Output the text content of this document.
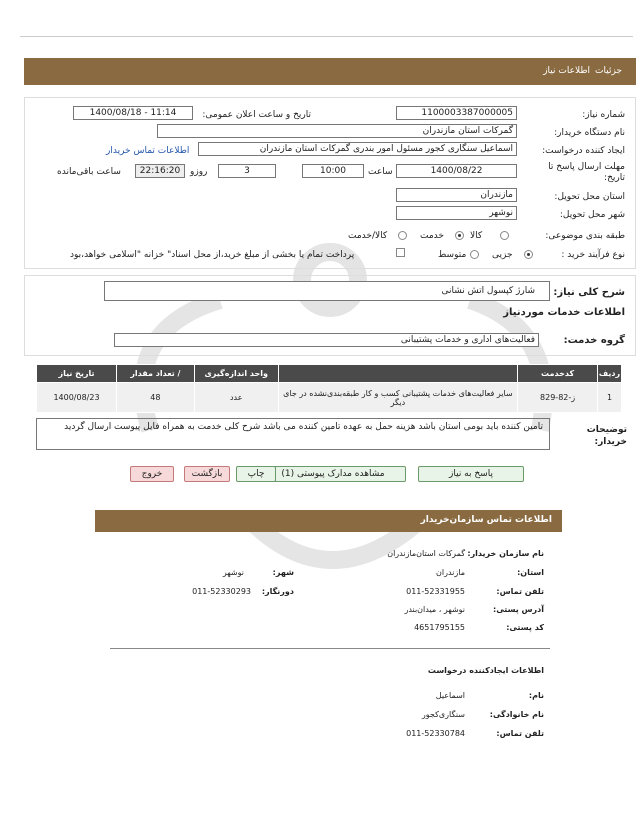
جزئیات
اطلاعات نیاز
شماره نیاز:
1100003387000005
تاریخ و ساعت اعلان عمومی:
1400/08/18 - 11:14
نام دستگاه خریدار:
گمرکات استان مازندران
ایجاد کننده درخواست:
اسماعیل سنگاری کجور مسئول امور بندری گمرکات استان مازندران
اطلاعات تماس خریدار
مهلت ارسال پاسخ تا تاریخ:
1400/08/22
ساعت
10:00
3
روزو
22:16:20
ساعت باقی‌مانده
استان محل تحویل:
مازندران
شهر محل تحویل:
نوشهر
طبقه بندی موضوعی:
کالا
خدمت
کالا/خدمت
نوع فرآیند خرید :
جزیی
متوسط
پرداخت تمام یا بخشی از مبلغ خرید،از محل اسناد" خزانه "اسلامی خواهد،بود
شرح کلی نیاز:
شارژ کپسول اتش نشانی
اطلاعات خدمات موردنیاز
گروه خدمت:
فعالیت‌های اداری و خدمات پشتیبانی
ردیف	کدخدمت		واحد اندازه‌گیری	/ تعداد مقدار	تاریخ نیاز
1	ز-82-829	سایر فعالیت‌های خدمات پشتیبانی کسب و کار طبقه‌بندی‌نشده در جای دیگر	عدد	48	1400/08/23
توضیحات خریدار:
تامین کننده باید بومی استان باشد هزینه حمل به عهده تامین کننده می باشد شرح کلی خدمت به همراه فایل پیوست ارسال گردید
پاسخ به نیاز
مشاهده مدارک پیوستی (1)
چاپ
بازگشت
خروج
اطلاعات تماس سازمان‌خریدار
نام سازمان خریدار:
گمرکات استان‌مازندران
استان:
مازندران
شهر:
نوشهر
تلفن تماس:
011-52331955
دورنگار:
011-52330293
آدرس پستی:
نوشهر ، میدان‌بندر
کد پستی:
4651795155
اطلاعات ایجادکننده درخواست
نام:
اسماعیل
نام خانوادگی:
سنگاری‌کجور
تلفن تماس:
011-52330784
